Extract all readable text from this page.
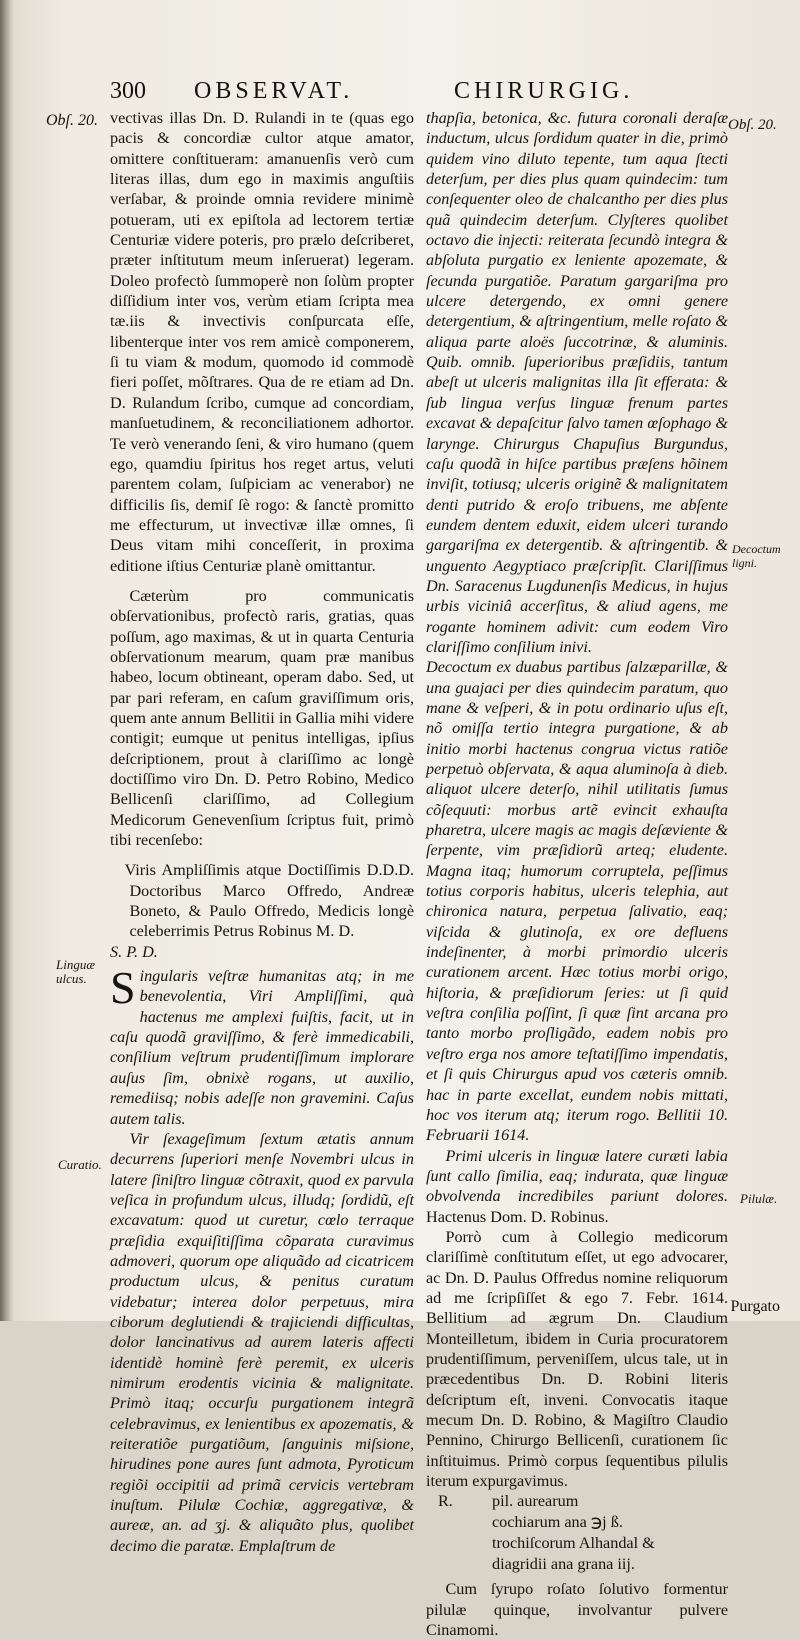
300 OBSERVAT.	CHIRURGIG.
Obſ. 20.	Obſ. 20.
Decoctum ligni.
Linguæ ulcus.
Curatio.
Pilulæ.

vectivas illas Dn. D. Rulandi in te (quas ego pacis & concordiæ cultor atque amator, omittere conſtitueram: amanuenſis verò cum literas illas, dum ego in maximis anguſtiis verſabar, & proinde omnia revidere minimè potueram, uti ex epiſtola ad lectorem tertiæ Centuriæ videre poteris, pro prælo deſcriberet, præter inſtitutum meum inſeruerat) legeram. Doleo profectò ſummoperè non ſolùm propter diſſidium inter vos, verùm etiam ſcripta mea tæ.iis & invectivis conſpurcata eſſe, libenterque inter vos rem amicè componerem, ſi tu viam & modum, quomodo id commodè fieri poſſet, mõſtrares. Qua de re etiam ad Dn. D. Rulandum ſcribo, cumque ad concordiam, manſuetudinem, & reconciliationem adhortor. Te verò venerando ſeni, & viro humano (quem ego, quamdiu ſpiritus hos reget artus, veluti parentem colam, ſuſpiciam ac venerabor) ne difficilis ſis, demiſ ſè rogo: & ſanctè promitto me effecturum, ut invectivæ illæ omnes, ſi Deus vitam mihi conceſſerit, in proxima editione iſtius Centuriæ planè omittantur.

Cæterùm pro communicatis obſervationibus, profectò raris, gratias, quas poſſum, ago maximas, & ut in quarta Centuria obſervationum mearum, quam præ manibus habeo, locum obtineant, operam dabo. Sed, ut par pari referam, en caſum graviſſimum oris, quem ante annum Bellitii in Gallia mihi videre contigit; eumque ut penitus intelligas, ipſius deſcriptionem, prout à clariſſimo ac longè doctiſſimo viro Dn. D. Petro Robino, Medico Bellicenſi clariſſimo, ad Collegium Medicorum Genevenſium ſcriptus fuit, primò tibi recenſebo:

Viris Ampliſſimis atque Doctiſſimis D.D.D. Doctoribus Marco Offredo, Andreæ Boneto, & Paulo Offredo, Medicis longè celeberrimis Petrus Robinus M. D.

S. P. D.

Singularis veſtræ humanitas atq; in me benevolentia, Viri Ampliſſimi, quà hactenus me amplexi fuiſtis, facit, ut in caſu quodã graviſſimo, & ferè immedicabili, conſilium veſtrum prudentiſſimum implorare auſus ſim, obnixè rogans, ut auxilio, remediisq; nobis adeſſe non gravemini. Caſus autem talis.

Vir ſexageſimum ſextum ætatis annum decurrens ſuperiori menſe Novembri ulcus in latere ſiniſtro linguæ cõtraxit, quod ex parvula veſica in profundum ulcus, illudq; ſordidũ, eſt excavatum: quod ut curetur, cœlo terraque præſidia exquiſitiſſima cõparata curavimus admoveri, quorum ope aliquãdo ad cicatricem productum ulcus, & penitus curatum videbatur; interea dolor perpetuus, mira ciborum deglutiendi & trajiciendi difficultas, dolor lancinativus ad aurem lateris affecti identidè hominè ferè peremit, ex ulceris nimirum erodentis vicinia & malignitate. Primò itaq; occurſu purgationem integrã celebravimus, ex lenientibus ex apozematis, & reiteratiõe purgatiõum, ſanguinis miſsione, hirudines pone aures ſunt admota, Pyroticum regiõi occipitii ad primã cervicis vertebram inuſtum. Pilulæ Cochiæ, aggregativæ, & aureæ, an. ad ʒj. & aliquãto plus, quolibet decimo die paratæ. Emplaſtrum de

thapſia, betonica, &c. futura coronali deraſæ inductum, ulcus ſordidum quater in die, primò quidem vino diluto tepente, tum aqua ſtecti deterſum, per dies plus quam quindecim: tum conſequenter oleo de chalcantho per dies plus quã quindecim deterſum. Clyſteres quolibet octavo die injecti: reiterata ſecundò integra & abſoluta purgatio ex leniente apozemate, & ſecunda purgatiõe. Paratum gargariſma pro ulcere detergendo, ex omni genere detergentium, & aſtringentium, melle roſato & aliqua parte aloës ſuccotrinæ, & aluminis. Quib. omnib. ſuperioribus præſidiis, tantum abeſt ut ulceris malignitas illa ſit efferata: & ſub lingua verſus linguæ frenum partes excavat & depaſcitur ſalvo tamen œſophago & larynge. Chirurgus Chapuſius Burgundus, caſu quodã in hiſce partibus præſens hõinem inviſit, totiusq; ulceris originẽ & malignitatem denti putrido & eroſo tribuens, me abſente eundem dentem eduxit, eidem ulceri turando gargariſma ex detergentib. & aſtringentib. & unguento Aegyptiaco præſcripſit. Clariſſimus Dn. Saracenus Lugdunenſis Medicus, in hujus urbis viciniâ accerſitus, & aliud agens, me rogante hominem adivit: cum eodem Viro clariſſimo conſilium inivi.

Decoctum ex duabus partibus ſalzæparillæ, & una guajaci per dies quindecim paratum, quo mane & veſperi, & in potu ordinario uſus eſt, nõ omiſſa tertio integra purgatione, & ab initio morbi hactenus congrua victus ratiõe perpetuò obſervata, & aqua aluminoſa à dieb. aliquot ulcere deterſo, nihil utilitatis ſumus cõſequuti: morbus artẽ evincit exhauſta pharetra, ulcere magis ac magis deſæviente & ſerpente, vim præſidiorũ arteq; eludente. Magna itaq; humorum corruptela, peſſimus totius corporis habitus, ulceris telephia, aut chironica natura, perpetua ſalivatio, eaq; viſcida & glutinoſa, ex ore defluens indeſinenter, à morbi primordio ulceris curationem arcent. Hæc totius morbi origo, hiſtoria, & præſidiorum ſeries: ut ſi quid veſtra conſilia poſſint, ſi quæ ſint arcana pro tanto morbo proſligãdo, eadem nobis pro veſtro erga nos amore teſtatiſſimo impendatis, et ſi quis Chirurgus apud vos cæteris omnib. hac in parte excellat, eundem nobis mittati, hoc vos iterum atq; iterum rogo. Bellitii 10. Februarii 1614.

Primi ulceris in linguæ latere curæti labia ſunt callo ſimilia, eaq; indurata, quæ linguæ obvolvenda incredibiles pariunt dolores. Hactenus Dom. D. Robinus.

Porrò cum à Collegio medicorum clariſſimè conſtitutum eſſet, ut ego advocarer, ac Dn. D. Paulus Offredus nomine reliquorum ad me ſcripſiſſet & ego 7. Febr. 1614. Bellitium ad ægrum Dn. Claudium Monteilletum, ibidem in Curia procuratorem prudentiſſimum, perveniſſem, ulcus tale, ut in præcedentibus Dn. D. Robini literis deſcriptum eſt, inveni. Convocatis itaque mecum Dn. D. Robino, & Magiſtro Claudio Pennino, Chirurgo Bellicenſi, curationem ſic inſtituimus. Primò corpus ſequentibus pilulis iterum expurgavimus.

R. pil. aurearum
cochiarum ana ℈j ß.
trochiſcorum Alhandal &
diagridii ana grana iij.

Cum ſyrupo roſato ſolutivo formentur pilulæ quinque, involvantur pulvere Cinamomi.

Purgato
